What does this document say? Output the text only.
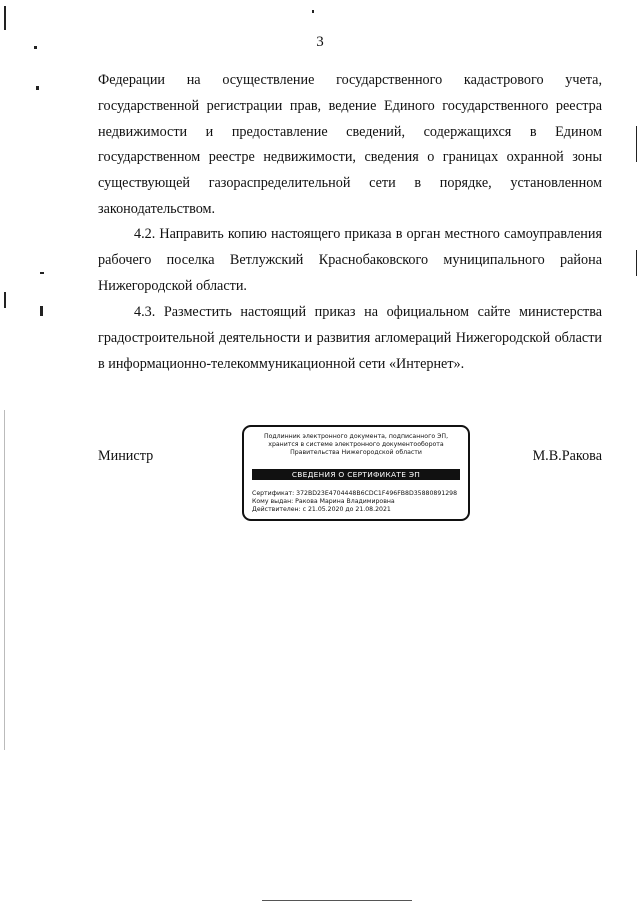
3
Федерации на осуществление государственного кадастрового учета, государственной регистрации прав, ведение Единого государственного реестра недвижимости и предоставление сведений, содержащихся в Едином государственном реестре недвижимости, сведения о границах охранной зоны существующей газораспределительной сети в порядке, установленном законодательством.
4.2. Направить копию настоящего приказа в орган местного самоуправления рабочего поселка Ветлужский Краснобаковского муниципального района Нижегородской области.
4.3. Разместить настоящий приказ на официальном сайте министерства градостроительной деятельности и развития агломераций Нижегородской области в информационно-телекоммуникационной сети «Интернет».
Министр	М.В.Ракова
Подлинник электронного документа, подписанного ЭП,
хранится в системе электронного документооборота
Правительства Нижегородской области
СВЕДЕНИЯ О СЕРТИФИКАТЕ ЭП
Сертификат: 372BD23E4704448B6CDC1F496FB8D35880891298
Кому выдан: Ракова Марина Владимировна
Действителен: с 21.05.2020 до 21.08.2021
